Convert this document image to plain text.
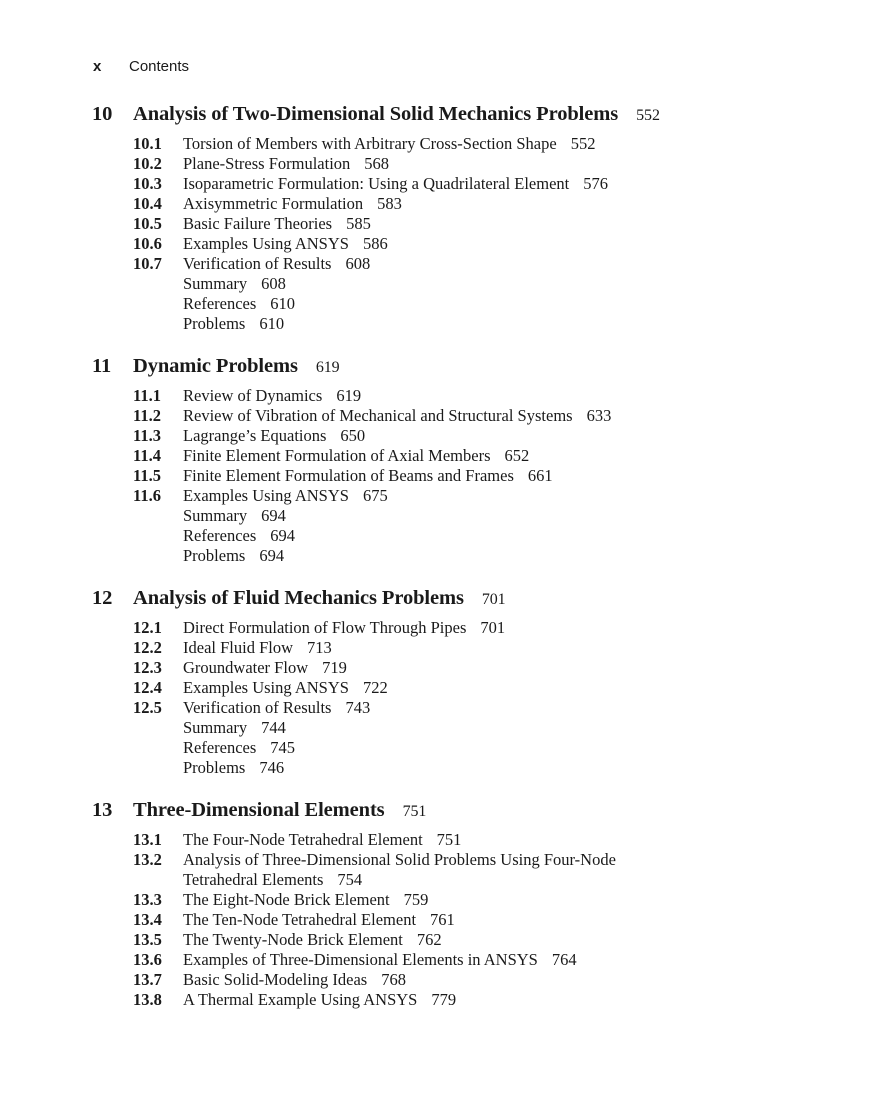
x	Contents
10	Analysis of Two-Dimensional Solid Mechanics Problems 552
10.1	Torsion of Members with Arbitrary Cross-Section Shape 552
10.2	Plane-Stress Formulation 568
10.3	Isoparametric Formulation: Using a Quadrilateral Element 576
10.4	Axisymmetric Formulation 583
10.5	Basic Failure Theories 585
10.6	Examples Using ANSYS 586
10.7	Verification of Results 608
Summary 608
References 610
Problems 610
11	Dynamic Problems 619
11.1	Review of Dynamics 619
11.2	Review of Vibration of Mechanical and Structural Systems 633
11.3	Lagrange’s Equations 650
11.4	Finite Element Formulation of Axial Members 652
11.5	Finite Element Formulation of Beams and Frames 661
11.6	Examples Using ANSYS 675
Summary 694
References 694
Problems 694
12	Analysis of Fluid Mechanics Problems 701
12.1	Direct Formulation of Flow Through Pipes 701
12.2	Ideal Fluid Flow 713
12.3	Groundwater Flow 719
12.4	Examples Using ANSYS 722
12.5	Verification of Results 743
Summary 744
References 745
Problems 746
13	Three-Dimensional Elements 751
13.1	The Four-Node Tetrahedral Element 751
13.2	Analysis of Three-Dimensional Solid Problems Using Four-Node
Tetrahedral Elements 754
13.3	The Eight-Node Brick Element 759
13.4	The Ten-Node Tetrahedral Element 761
13.5	The Twenty-Node Brick Element 762
13.6	Examples of Three-Dimensional Elements in ANSYS 764
13.7	Basic Solid-Modeling Ideas 768
13.8	A Thermal Example Using ANSYS 779
